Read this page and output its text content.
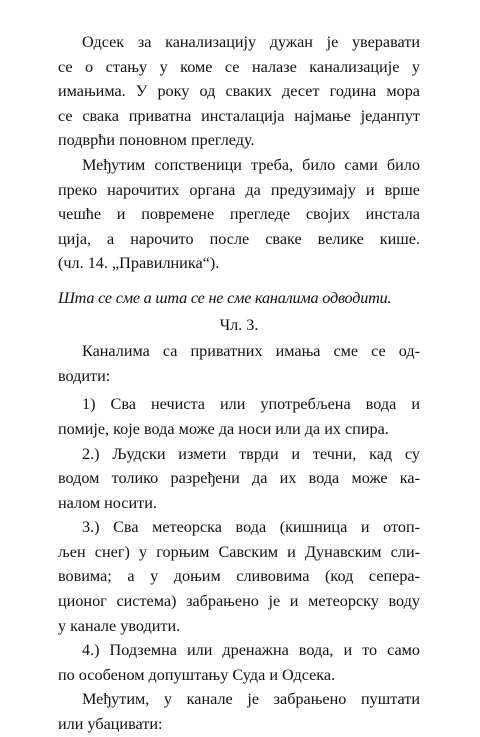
Одсек за канализацију дужан је уверавати
се о стању у коме се налазе канализације у
имањима. У року од сваких десет година мора
се свака приватна инсталација најмање једанпут
подврћи поновном прегледу.
Међутим сопственици треба, било сами било
преко нарочитих органа да предузимају и врше
чешће и повремене прегледе својих инстала
ција, а нарочито после сваке велике кише.
(чл. 14. „Правилника“).
Шта се сме а шта се не сме каналима одводити.
Чл. 3.
Каналима са приватних имања сме се од-
водити:
1) Сва нечиста или употребљена вода и
помије, које вода може да носи или да их спира.
2.) Људски измети тврди и течни, кад су
водом толико разређени да их вода може ка-
налом носити.
3.) Сва метеорска вода (кишница и отоп-
љен снег) у горњим Савским и Дунавским сли-
вовима; а у доњим сливовима (код сепера-
ционог система) забрањено је и метеорску воду
у канале уводити.
4.) Подземна или дренажна вода, и то само
по особеном допуштању Суда и Одсека.
Међутим, у канале је забрањено пуштати
или убацивати:
